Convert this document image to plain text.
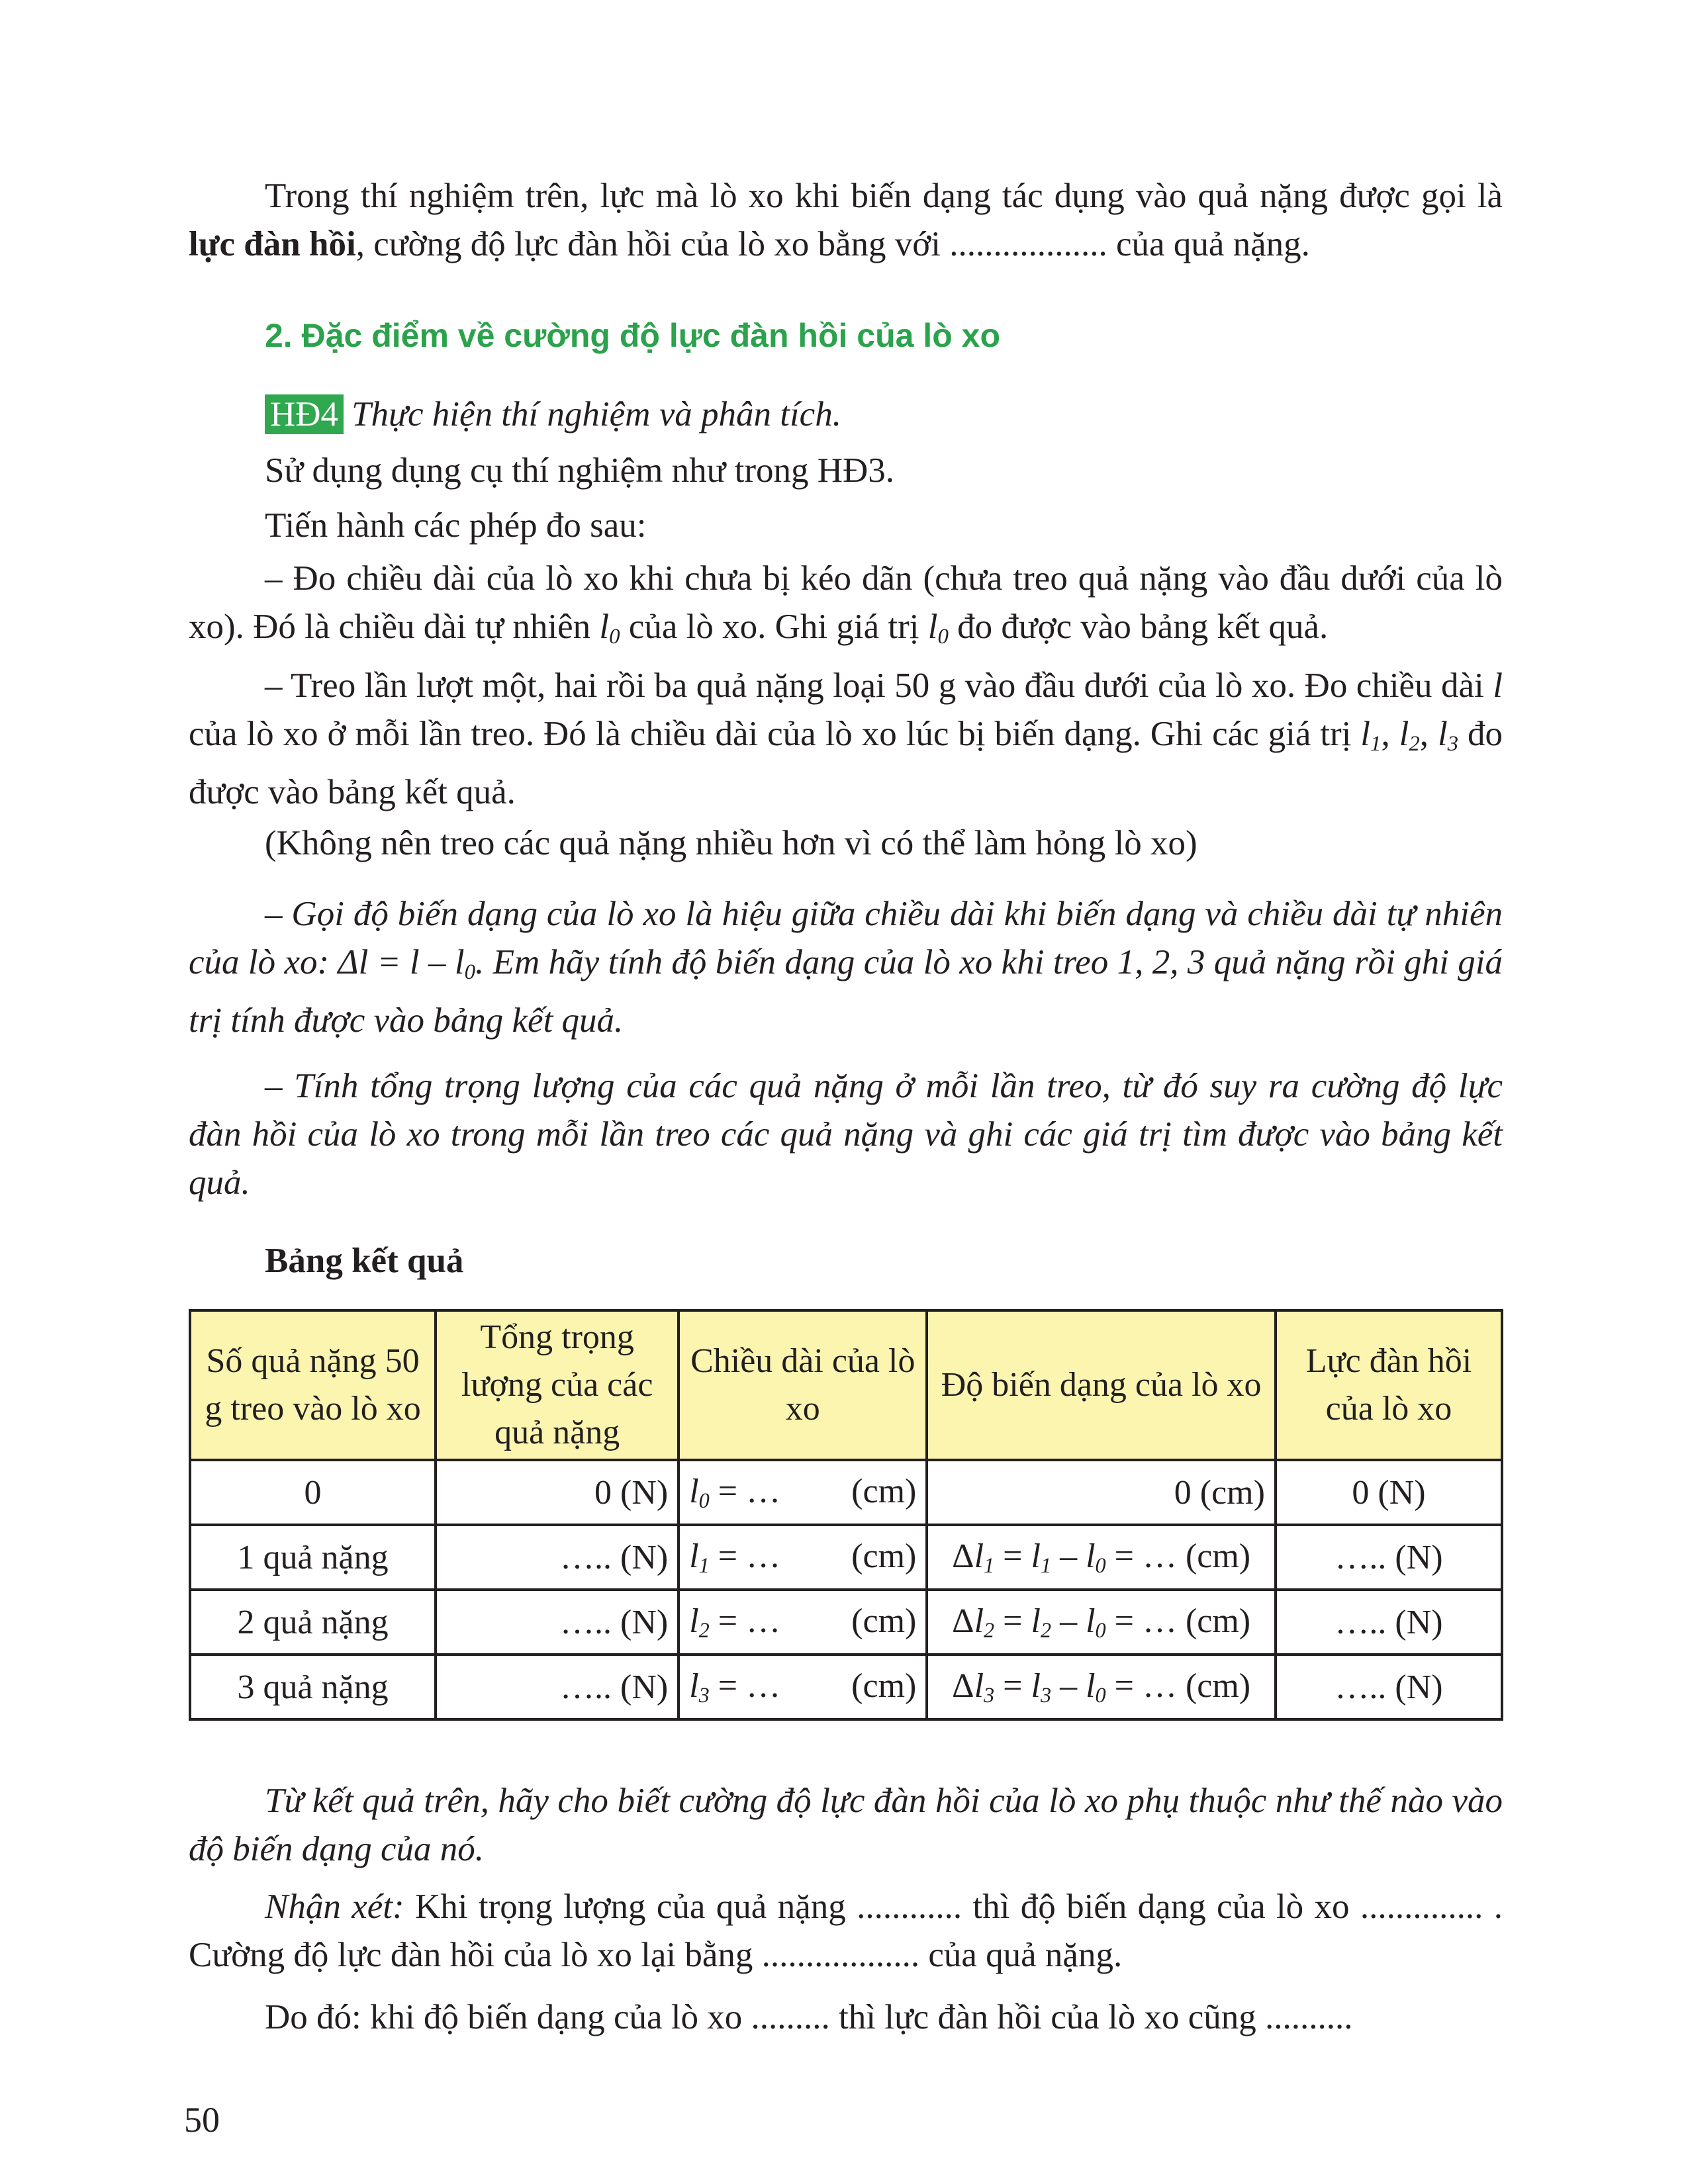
Trong thí nghiệm trên, lực mà lò xo khi biến dạng tác dụng vào quả nặng được gọi là lực đàn hồi, cường độ lực đàn hồi của lò xo bằng với .................. của quả nặng.

2. Đặc điểm về cường độ lực đàn hồi của lò xo

HĐ4 Thực hiện thí nghiệm và phân tích.

Sử dụng dụng cụ thí nghiệm như trong HĐ3.

Tiến hành các phép đo sau:

– Đo chiều dài của lò xo khi chưa bị kéo dãn (chưa treo quả nặng vào đầu dưới của lò xo). Đó là chiều dài tự nhiên $l_0$ của lò xo. Ghi giá trị $l_0$ đo được vào bảng kết quả.

– Treo lần lượt một, hai rồi ba quả nặng loại 50 g vào đầu dưới của lò xo. Đo chiều dài l của lò xo ở mỗi lần treo. Đó là chiều dài của lò xo lúc bị biến dạng. Ghi các giá trị $l_1$, $l_2$, $l_3$ đo được vào bảng kết quả.

(Không nên treo các quả nặng nhiều hơn vì có thể làm hỏng lò xo)

– Gọi độ biến dạng của lò xo là hiệu giữa chiều dài khi biến dạng và chiều dài tự nhiên của lò xo: $\Delta l = l - l_0$. Em hãy tính độ biến dạng của lò xo khi treo 1, 2, 3 quả nặng rồi ghi giá trị tính được vào bảng kết quả.

– Tính tổng trọng lượng của các quả nặng ở mỗi lần treo, từ đó suy ra cường độ lực đàn hồi của lò xo trong mỗi lần treo các quả nặng và ghi các giá trị tìm được vào bảng kết quả.

Bảng kết quả

Số quả nặng 50 g treo vào lò xo	Tổng trọng lượng của các quả nặng	Chiều dài của lò xo	Độ biến dạng của lò xo	Lực đàn hồi của lò xo
0	0 (N)	$l_0$ = … (cm)	0 (cm)	0 (N)
1 quả nặng	….. (N)	$l_1$ = … (cm)	$\Delta l_1 = l_1 - l_0$ = … (cm)	….. (N)
2 quả nặng	….. (N)	$l_2$ = … (cm)	$\Delta l_2 = l_2 - l_0$ = … (cm)	….. (N)
3 quả nặng	….. (N)	$l_3$ = … (cm)	$\Delta l_3 = l_3 - l_0$ = … (cm)	….. (N)

Từ kết quả trên, hãy cho biết cường độ lực đàn hồi của lò xo phụ thuộc như thế nào vào độ biến dạng của nó.

Nhận xét: Khi trọng lượng của quả nặng ............ thì độ biến dạng của lò xo .............. . Cường độ lực đàn hồi của lò xo lại bằng .................. của quả nặng.

Do đó: khi độ biến dạng của lò xo ......... thì lực đàn hồi của lò xo cũng ..........

50
